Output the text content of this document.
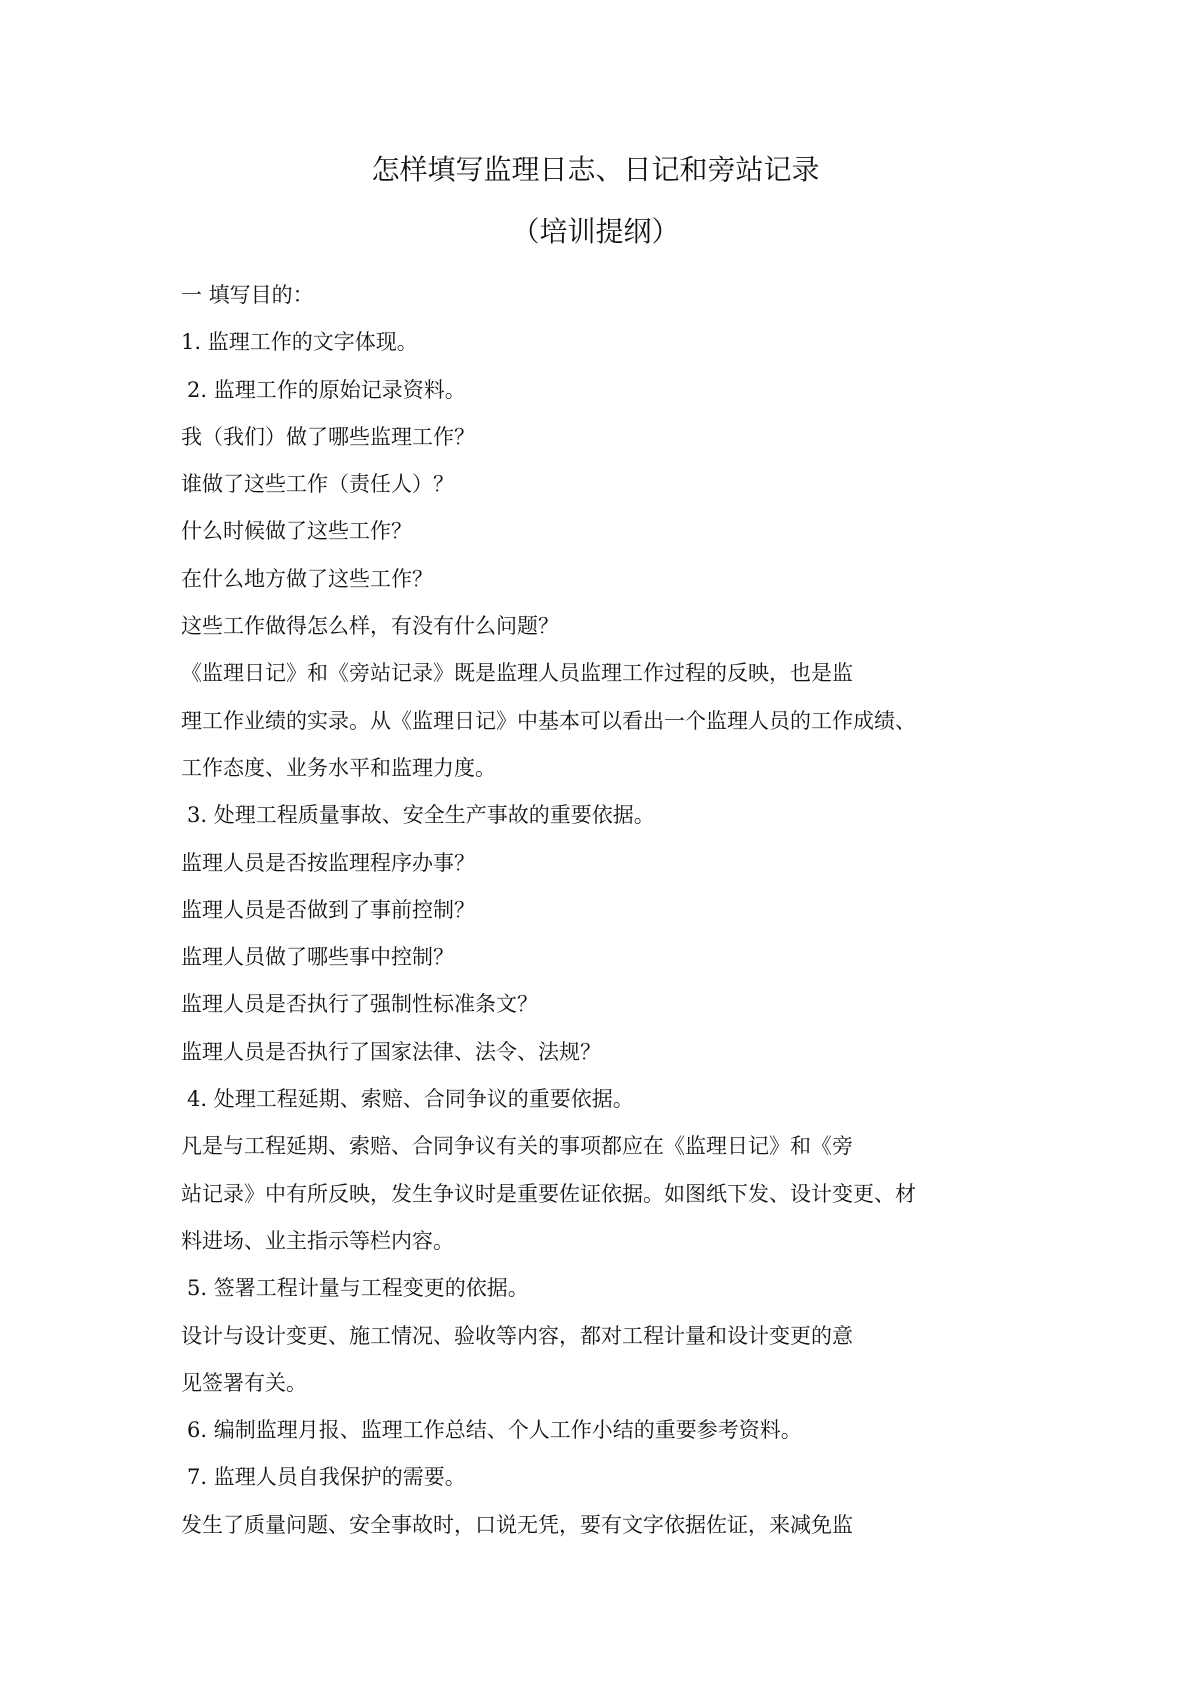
怎样填写监理日志、日记和旁站记录
（培训提纲）
一 填写目的：
1. 监理工作的文字体现。
2. 监理工作的原始记录资料。
我（我们）做了哪些监理工作？
谁做了这些工作（责任人）？
什么时候做了这些工作？
在什么地方做了这些工作？
这些工作做得怎么样，有没有什么问题？
《监理日记》和《旁站记录》既是监理人员监理工作过程的反映，也是监
理工作业绩的实录。从《监理日记》中基本可以看出一个监理人员的工作成绩、
工作态度、业务水平和监理力度。
3. 处理工程质量事故、安全生产事故的重要依据。
监理人员是否按监理程序办事？
监理人员是否做到了事前控制？
监理人员做了哪些事中控制？
监理人员是否执行了强制性标准条文？
监理人员是否执行了国家法律、法令、法规？
4. 处理工程延期、索赔、合同争议的重要依据。
凡是与工程延期、索赔、合同争议有关的事项都应在《监理日记》和《旁
站记录》中有所反映，发生争议时是重要佐证依据。如图纸下发、设计变更、材
料进场、业主指示等栏内容。
5. 签署工程计量与工程变更的依据。
设计与设计变更、施工情况、验收等内容，都对工程计量和设计变更的意
见签署有关。
6. 编制监理月报、监理工作总结、个人工作小结的重要参考资料。
7. 监理人员自我保护的需要。
发生了质量问题、安全事故时，口说无凭，要有文字依据佐证，来减免监
